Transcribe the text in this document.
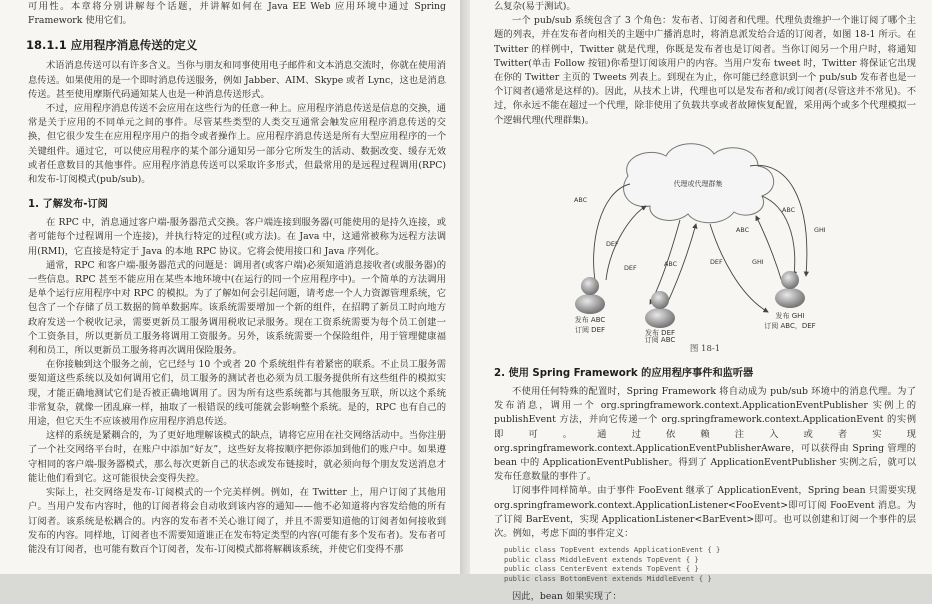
可用性。本章将分别讲解每个话题，并讲解如何在 Java EE Web 应用环境中通过 Spring Framework 使用它们。

18.1.1 应用程序消息传送的定义

术语消息传送可以有许多含义。当你与朋友和同事使用电子邮件和文本消息交流时，你就在使用消息传送。如果使用的是一个即时消息传送服务，例如 Jabber、AIM、Skype 或者 Lync，这也是消息传送。甚至使用摩斯代码通知某人也是一种消息传送形式。

不过，应用程序消息传送不会应用在这些行为的任意一种上。应用程序消息传送是信息的交换，通常是关于应用的不同单元之间的事件。尽管某些类型的人类交互通常会触发应用程序消息传送的交换，但它很少发生在应用程序用户的指令或者操作上。应用程序消息传送是所有大型应用程序的一个关键组件。通过它，可以使应用程序的某个部分通知另一部分它所发生的活动、数据改变、缓存无效或者任意数目的其他事件。应用程序消息传送可以采取许多形式，但最常用的是远程过程调用(RPC)和发布-订阅模式(pub/sub)。

1. 了解发布-订阅

在 RPC 中，消息通过客户端-服务器范式交换。客户端连接到服务器(可能使用的是持久连接，或者可能每个过程调用一个连接)，并执行特定的过程(或方法)。在 Java 中，这通常被称为远程方法调用(RMI)，它直接是特定于 Java 的本地 RPC 协议。它将会使用接口和 Java 序列化。

通常，RPC 和客户端-服务器范式的问题是：调用者(或客户端)必须知道消息接收者(或服务器)的一些信息。RPC 甚至不能应用在某些本地环境中(在运行的同一个应用程序中)。一个简单的方法调用是单个运行应用程序中对 RPC 的模拟。为了了解如何会引起问题，请考虑一个人力资源管理系统，它包含了一个存储了员工数据的简单数据库。该系统需要增加一个新的组件，在招聘了新员工时向地方政府发送一个税收记录，需要更新员工服务调用税收记录服务。现在工资系统需要为每个员工创建一个工资条目，所以更新员工服务将调用工资服务。另外，该系统需要一个保险组件，用于管理健康福利和员工，所以更新员工服务将再次调用保险服务。

在你接触到这个服务之前，它已经与 10 个或者 20 个系统组件有着紧密的联系。不止员工服务需要知道这些系统以及如何调用它们，员工服务的测试者也必须为员工服务提供所有这些组件的模拟实现，才能正确地测试它们是否被正确地调用了。因为所有这些系统都与其他服务互联，所以这个系统非常复杂，就像一团乱麻一样，抽取了一根错误的线可能就会影响整个系统。是的，RPC 也有自己的用途，但它天生不应该被用作应用程序消息传送。

这样的系统是紧耦合的，为了更好地理解该模式的缺点，请将它应用在社交网络活动中。当你注册了一个社交网络平台时，在账户中添加“好友”，这些好友将按顺序把你添加到他们的账户中。如果遵守相同的客户端-服务器模式，那么每次更新自己的状态或发布链接时，就必须向每个朋友发送消息才能让他们看到它。这可能很快会变得失控。

实际上，社交网络是发布-订阅模式的一个完美样例。例如，在 Twitter 上，用户订阅了其他用户。当用户发布内容时，他的订阅者将会自动收到该内容的通知——他不必知道将内容发给他的所有订阅者。该系统是松耦合的。内容的发布者不关心谁订阅了，并且不需要知道他的订阅者如何接收到发布的内容。同样地，订阅者也不需要知道谁正在发布特定类型的内容(可能有多个发布者)。发布者可能没有订阅者，也可能有数百个订阅者，发布-订阅模式都将解耦该系统，并使它们变得不那

么复杂(易于测试)。

一个 pub/sub 系统包含了 3 个角色：发布者、订阅者和代理。代理负责维护一个谁订阅了哪个主题的列表，并在发布者向相关的主题中广播消息时，将消息派发给合适的订阅者，如图 18-1 所示。在 Twitter 的样例中，Twitter 就是代理，你既是发布者也是订阅者。当你订阅另一个用户时，将通知 Twitter(单击 Follow 按钮)你希望订阅该用户的内容。当用户发布 tweet 时，Twitter 将保证它出现在你的 Twitter 主页的 Tweets 列表上。到现在为止，你可能已经意识到一个 pub/sub 发布者也是一个订阅者(通常是这样的)。因此，从技术上讲，代理也可以是发布者和/或订阅者(尽管这并不常见)。不过，你永远不能在超过一个代理，除非使用了负载共享或者故障恢复配置，采用两个或多个代理模拟一个逻辑代理(代理群集)。

代理或代理群集
ABC
DEF
DEF	ABC	DEF
ABC
GHI
ABC
GHI
发布 ABC
订阅 DEF	发布 DEF
订阅 ABC
发布 GHI
订阅 ABC，DEF

图 18-1

2. 使用 Spring Framework 的应用程序事件和监听器

不使用任何特殊的配置时，Spring Framework 将自动成为 pub/sub 环境中的消息代理。为了发布消息，调用一个 org.springframework.context.ApplicationEventPublisher 实例上的 publishEvent 方法，并向它传递一个 org.springframework.context.ApplicationEvent 的实例即可。通过依赖注入或者实现 org.springframework.context.ApplicationEventPublisherAware，可以获得由 Spring 管理的 bean 中的 ApplicationEventPublisher。得到了 ApplicationEventPublisher 实例之后，就可以发布任意数量的事件了。

订阅事件同样简单。由于事件 FooEvent 继承了 ApplicationEvent，Spring bean 只需要实现 org.springframework.context.ApplicationListener<FooEvent>即可订阅 FooEvent 消息。为了订阅 BarEvent，实现 ApplicationListener<BarEvent>即可。也可以创建和订阅一个事件的层次。例如，考虑下面的事件定义：

public class TopEvent extends ApplicationEvent { }
public class MiddleEvent extends TopEvent { }
public class CenterEvent extends TopEvent { }
public class BottomEvent extends MiddleEvent { }

因此，bean 如果实现了：
